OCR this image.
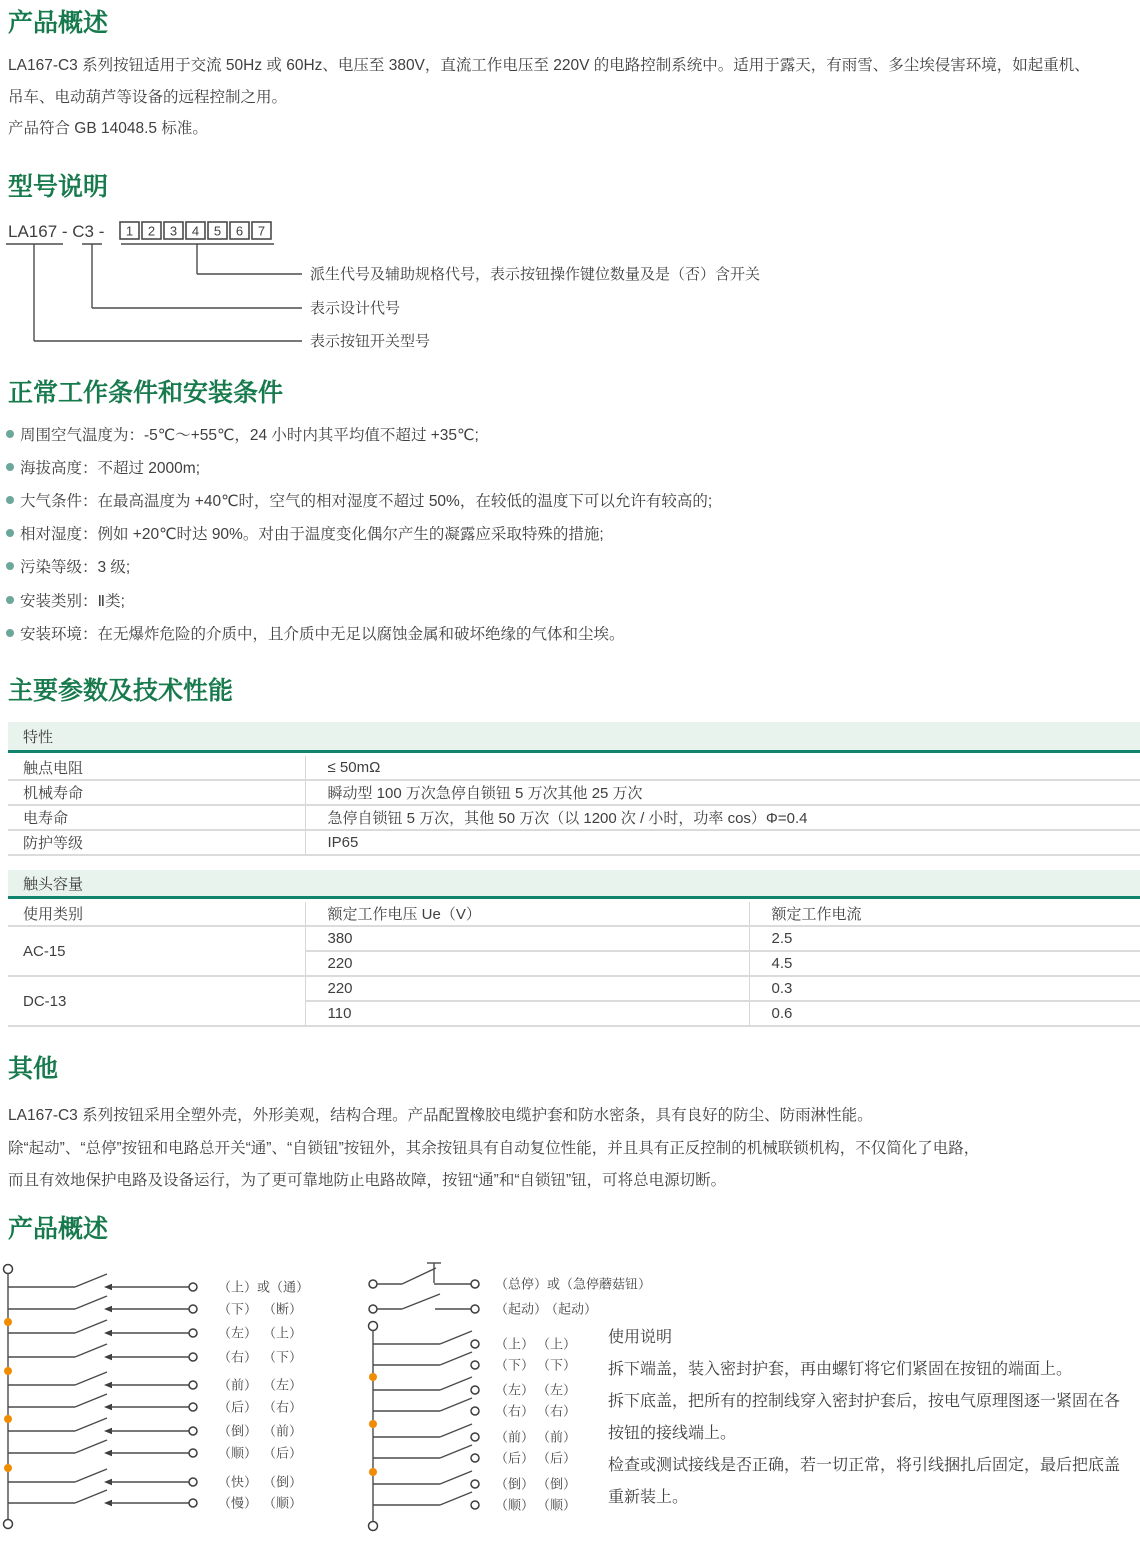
产品概述
LA167-C3 系列按钮适用于交流 50Hz 或 60Hz、电压至 380V，直流工作电压至 220V 的电路控制系统中。适用于露天，有雨雪、多尘埃侵害环境，如起重机、
吊车、电动葫芦等设备的远程控制之用。
产品符合 GB 14048.5 标准。
型号说明
LA167 - C3 - 1 2 3 4 5 6 7
派生代号及辅助规格代号，表示按钮操作键位数量及是（否）含开关
表示设计代号
表示按钮开关型号
正常工作条件和安装条件
周围空气温度为：-5℃～+55℃，24 小时内其平均值不超过 +35℃;
海拔高度：不超过 2000m;
大气条件：在最高温度为 +40℃时，空气的相对湿度不超过 50%，在较低的温度下可以允许有较高的;
相对湿度：例如 +20℃时达 90%。对由于温度变化偶尔产生的凝露应采取特殊的措施;
污染等级：3 级;
安装类别：Ⅱ类;
安装环境：在无爆炸危险的介质中，且介质中无足以腐蚀金属和破坏绝缘的气体和尘埃。
主要参数及技术性能
特性
触点电阻	≤ 50mΩ
机械寿命	瞬动型 100 万次急停自锁钮 5 万次其他 25 万次
电寿命	急停自锁钮 5 万次，其他 50 万次（以 1200 次 / 小时，功率 cos）Φ=0.4
防护等级	IP65
触头容量
使用类别	额定工作电压 Ue（V）	额定工作电流
AC-15	380	2.5
	220	4.5
DC-13	220	0.3
	110	0.6
其他
LA167-C3 系列按钮采用全塑外壳，外形美观，结构合理。产品配置橡胶电缆护套和防水密条，具有良好的防尘、防雨淋性能。
除“起动”、“总停”按钮和电路总开关“通”、“自锁钮”按钮外，其余按钮具有自动复位性能，并且具有正反控制的机械联锁机构，不仅简化了电路，
而且有效地保护电路及设备运行，为了更可靠地防止电路故障，按钮“通”和“自锁钮”钮，可将总电源切断。
产品概述
（上）或（通）
（下） （断）
（左） （上）
（右） （下）
（前） （左）
（后） （右）
（倒） （前）
（顺） （后）
（快） （倒）
（慢） （顺）
（总停）或（急停蘑菇钮）
（起动）
（起动）
（上） （上）
（下） （下）
（左） （左）
（右） （右）
（前） （前）
（后） （后）
（倒） （倒）
（顺） （顺）
使用说明
拆下端盖，装入密封护套，再由螺钉将它们紧固在按钮的端面上。
拆下底盖，把所有的控制线穿入密封护套后，按电气原理图逐一紧固在各
按钮的接线端上。
检查或测试接线是否正确，若一切正常，将引线捆扎后固定，最后把底盖
重新装上。
